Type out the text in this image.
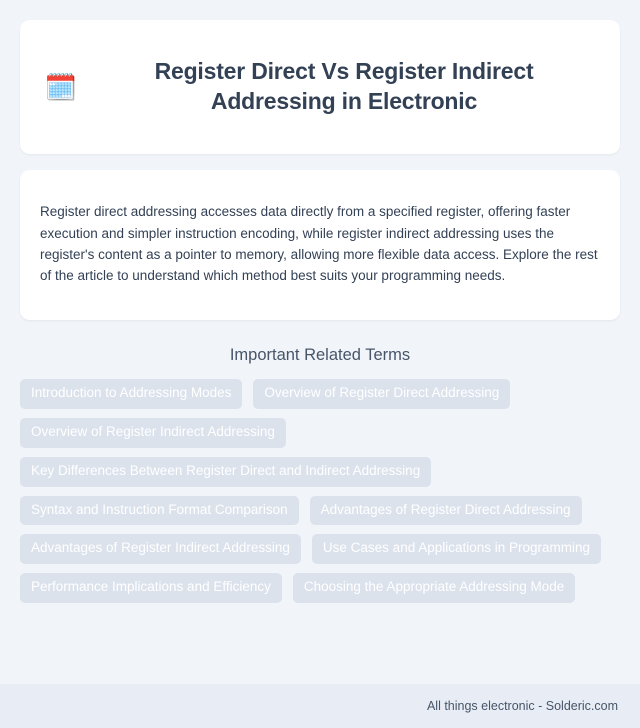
🗓️
Register Direct Vs Register Indirect Addressing in Electronic

Register direct addressing accesses data directly from a specified register, offering faster execution and simpler instruction encoding, while register indirect addressing uses the register's content as a pointer to memory, allowing more flexible data access. Explore the rest of the article to understand which method best suits your programming needs.

Important Related Terms
Introduction to Addressing Modes	Overview of Register Direct Addressing
Overview of Register Indirect Addressing
Key Differences Between Register Direct and Indirect Addressing
Syntax and Instruction Format Comparison	Advantages of Register Direct Addressing
Advantages of Register Indirect Addressing	Use Cases and Applications in Programming
Performance Implications and Efficiency	Choosing the Appropriate Addressing Mode
All things electronic - Solderic.com
